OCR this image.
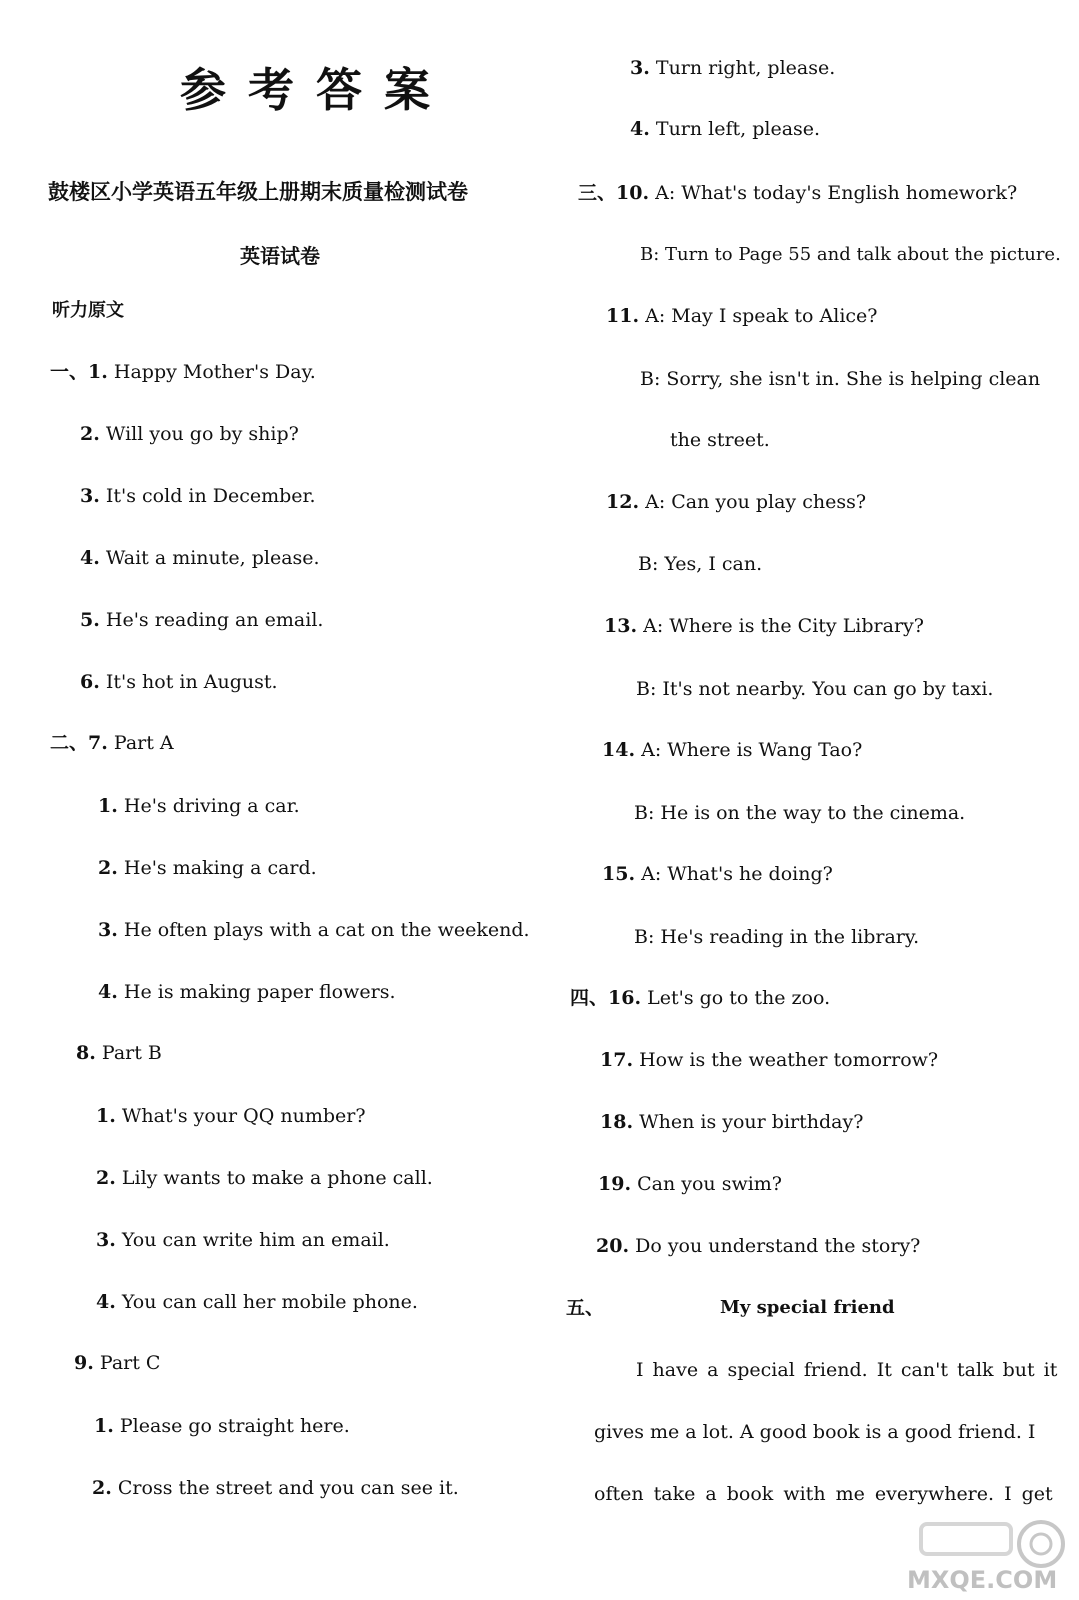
参考答案
鼓楼区小学英语五年级上册期末质量检测试卷
英语试卷
听力原文
一、1. Happy Mother's Day.
2. Will you go by ship?
3. It's cold in December.
4. Wait a minute, please.
5. He's reading an email.
6. It's hot in August.
二、7. Part A
1. He's driving a car.
2. He's making a card.
3. He often plays with a cat on the weekend.
4. He is making paper flowers.
8. Part B
1. What's your QQ number?
2. Lily wants to make a phone call.
3. You can write him an email.
4. You can call her mobile phone.
9. Part C
1. Please go straight here.
2. Cross the street and you can see it.
3. Turn right, please.
4. Turn left, please.
三、10. A: What's today's English homework?
B: Turn to Page 55 and talk about the picture.
11. A: May I speak to Alice?
B: Sorry, she isn't in. She is helping clean
the street.
12. A: Can you play chess?
B: Yes, I can.
13. A: Where is the City Library?
B: It's not nearby. You can go by taxi.
14. A: Where is Wang Tao?
B: He is on the way to the cinema.
15. A: What's he doing?
B: He's reading in the library.
四、16. Let's go to the zoo.
17. How is the weather tomorrow?
18. When is your birthday?
19. Can you swim?
20. Do you understand the story?
五、	My special friend
I have a special friend. It can't talk but it
gives me a lot. A good book is a good friend. I
often take a book with me everywhere. I get
MXQE.COM
